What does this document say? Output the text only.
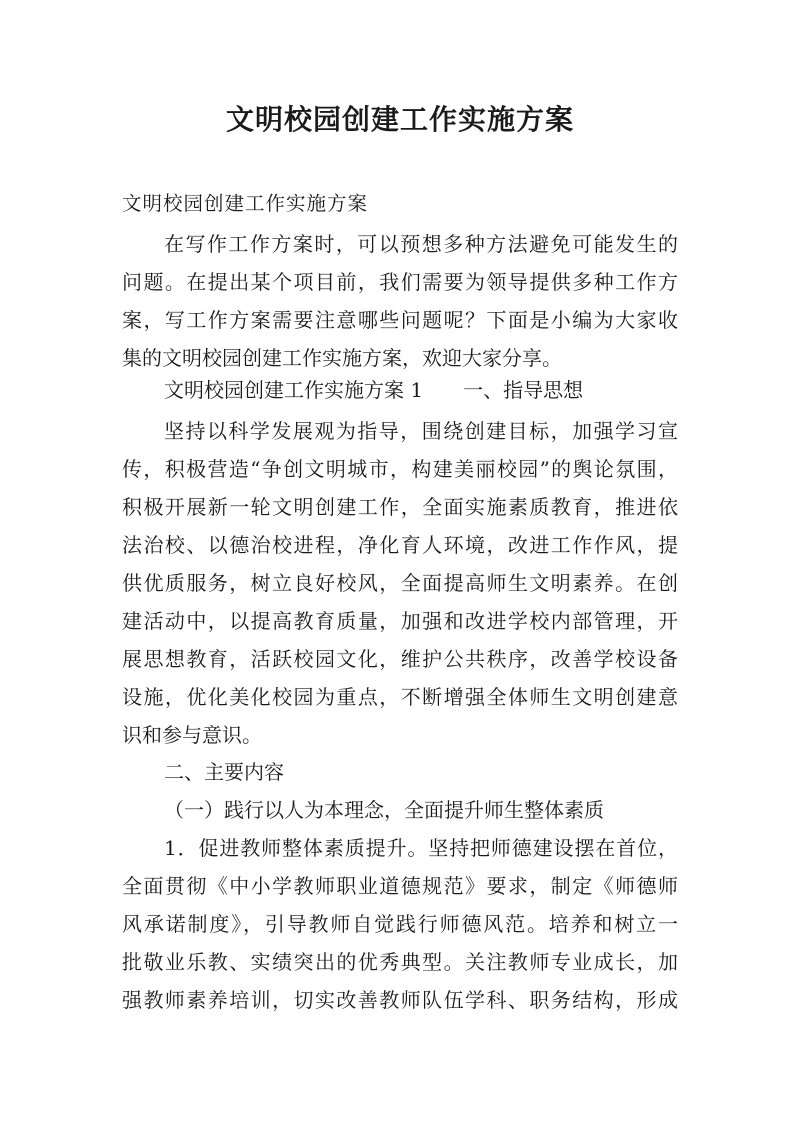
文明校园创建工作实施方案

文明校园创建工作实施方案

在写作工作方案时，可以预想多种方法避免可能发生的
问题。在提出某个项目前，我们需要为领导提供多种工作方
案，写工作方案需要注意哪些问题呢？下面是小编为大家收
集的文明校园创建工作实施方案，欢迎大家分享。
文明校园创建工作实施方案 1　　一、指导思想
坚持以科学发展观为指导，围绕创建目标，加强学习宣
传，积极营造“争创文明城市，构建美丽校园”的舆论氛围，
积极开展新一轮文明创建工作，全面实施素质教育，推进依
法治校、以德治校进程，净化育人环境，改进工作作风，提
供优质服务，树立良好校风，全面提高师生文明素养。在创
建活动中，以提高教育质量，加强和改进学校内部管理，开
展思想教育，活跃校园文化，维护公共秩序，改善学校设备
设施，优化美化校园为重点，不断增强全体师生文明创建意
识和参与意识。
二、主要内容
（一）践行以人为本理念，全面提升师生整体素质
1．促进教师整体素质提升。坚持把师德建设摆在首位，
全面贯彻《中小学教师职业道德规范》要求，制定《师德师
风承诺制度》，引导教师自觉践行师德风范。培养和树立一
批敬业乐教、实绩突出的优秀典型。关注教师专业成长，加
强教师素养培训，切实改善教师队伍学科、职务结构，形成
